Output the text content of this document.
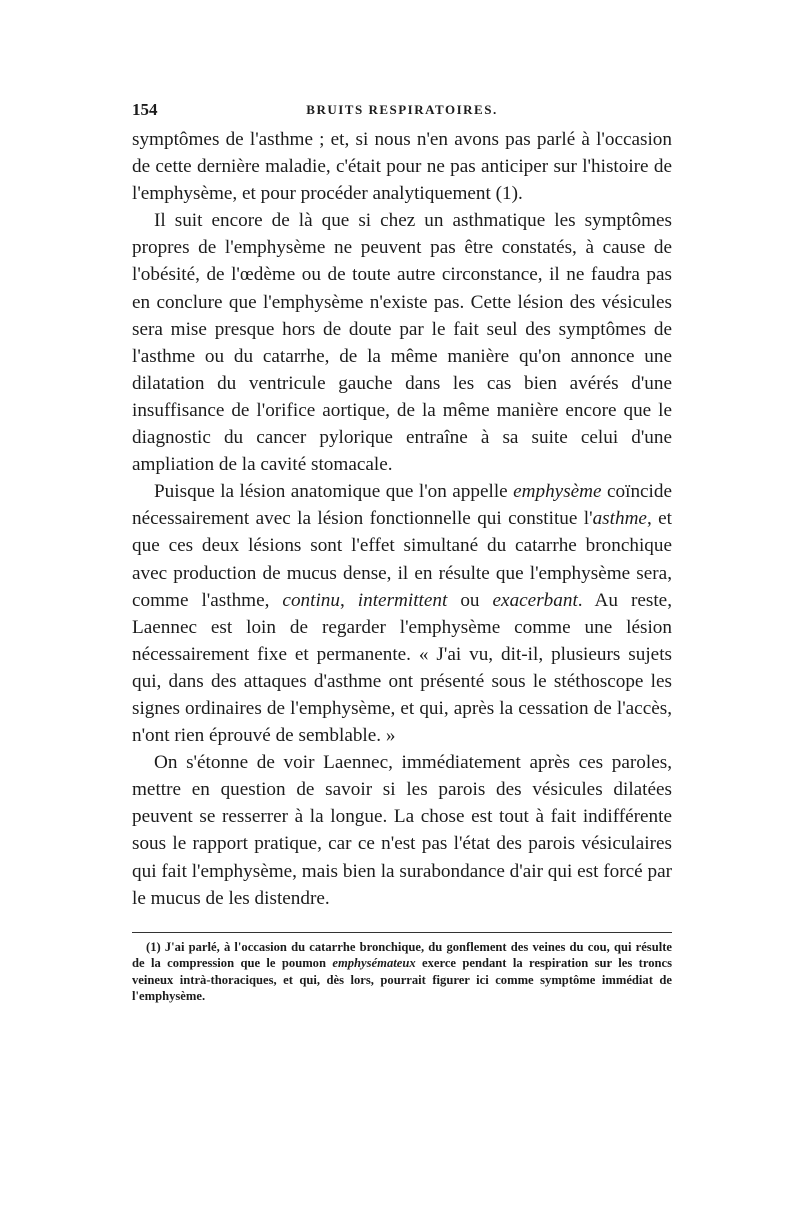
154	BRUITS RESPIRATOIRES.

symptômes de l'asthme ; et, si nous n'en avons pas parlé à l'occasion de cette dernière maladie, c'était pour ne pas anticiper sur l'histoire de l'emphysème, et pour procéder analytiquement (1).

Il suit encore de là que si chez un asthmatique les symptômes propres de l'emphysème ne peuvent pas être constatés, à cause de l'obésité, de l'œdème ou de toute autre circonstance, il ne faudra pas en conclure que l'emphysème n'existe pas. Cette lésion des vésicules sera mise presque hors de doute par le fait seul des symptômes de l'asthme ou du catarrhe, de la même manière qu'on annonce une dilatation du ventricule gauche dans les cas bien avérés d'une insuffisance de l'orifice aortique, de la même manière encore que le diagnostic du cancer pylorique entraîne à sa suite celui d'une ampliation de la cavité stomacale.

Puisque la lésion anatomique que l'on appelle emphysème coïncide nécessairement avec la lésion fonctionnelle qui constitue l'asthme, et que ces deux lésions sont l'effet simultané du catarrhe bronchique avec production de mucus dense, il en résulte que l'emphysème sera, comme l'asthme, continu, intermittent ou exacerbant. Au reste, Laennec est loin de regarder l'emphysème comme une lésion nécessairement fixe et permanente. « J'ai vu, dit-il, plusieurs sujets qui, dans des attaques d'asthme ont présenté sous le stéthoscope les signes ordinaires de l'emphysème, et qui, après la cessation de l'accès, n'ont rien éprouvé de semblable. »

On s'étonne de voir Laennec, immédiatement après ces paroles, mettre en question de savoir si les parois des vésicules dilatées peuvent se resserrer à la longue. La chose est tout à fait indifférente sous le rapport pratique, car ce n'est pas l'état des parois vésiculaires qui fait l'emphysème, mais bien la surabondance d'air qui est forcé par le mucus de les distendre.

(1) J'ai parlé, à l'occasion du catarrhe bronchique, du gonflement des veines du cou, qui résulte de la compression que le poumon emphysémateux exerce pendant la respiration sur les troncs veineux intrà-thoraciques, et qui, dès lors, pourrait figurer ici comme symptôme immédiat de l'emphysème.
